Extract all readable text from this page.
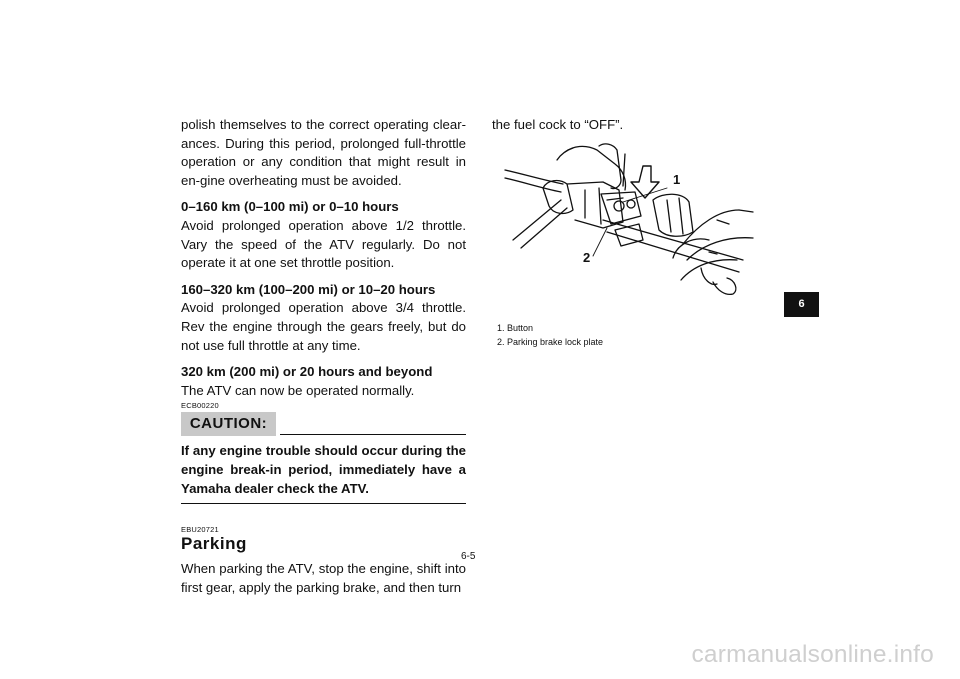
polish themselves to the correct operating clear-ances. During this period, prolonged full-throttle operation or any condition that might result in en-gine overheating must be avoided.

0–160 km (0–100 mi) or 0–10 hours

Avoid prolonged operation above 1/2 throttle. Vary the speed of the ATV regularly. Do not operate it at one set throttle position.

160–320 km (100–200 mi) or 10–20 hours

Avoid prolonged operation above 3/4 throttle. Rev the engine through the gears freely, but do not use full throttle at any time.

320 km (200 mi) or 20 hours and beyond

The ATV can now be operated normally.

ECB00220
CAUTION:
If any engine trouble should occur during the engine break-in period, immediately have a Yamaha dealer check the ATV.
EBU20721
Parking

When parking the ATV, stop the engine, shift into first gear, apply the parking brake, and then turn

the fuel cock to “OFF”.

1
2
1. Button
2. Parking brake lock plate
6-5
6
carmanualsonline.info
